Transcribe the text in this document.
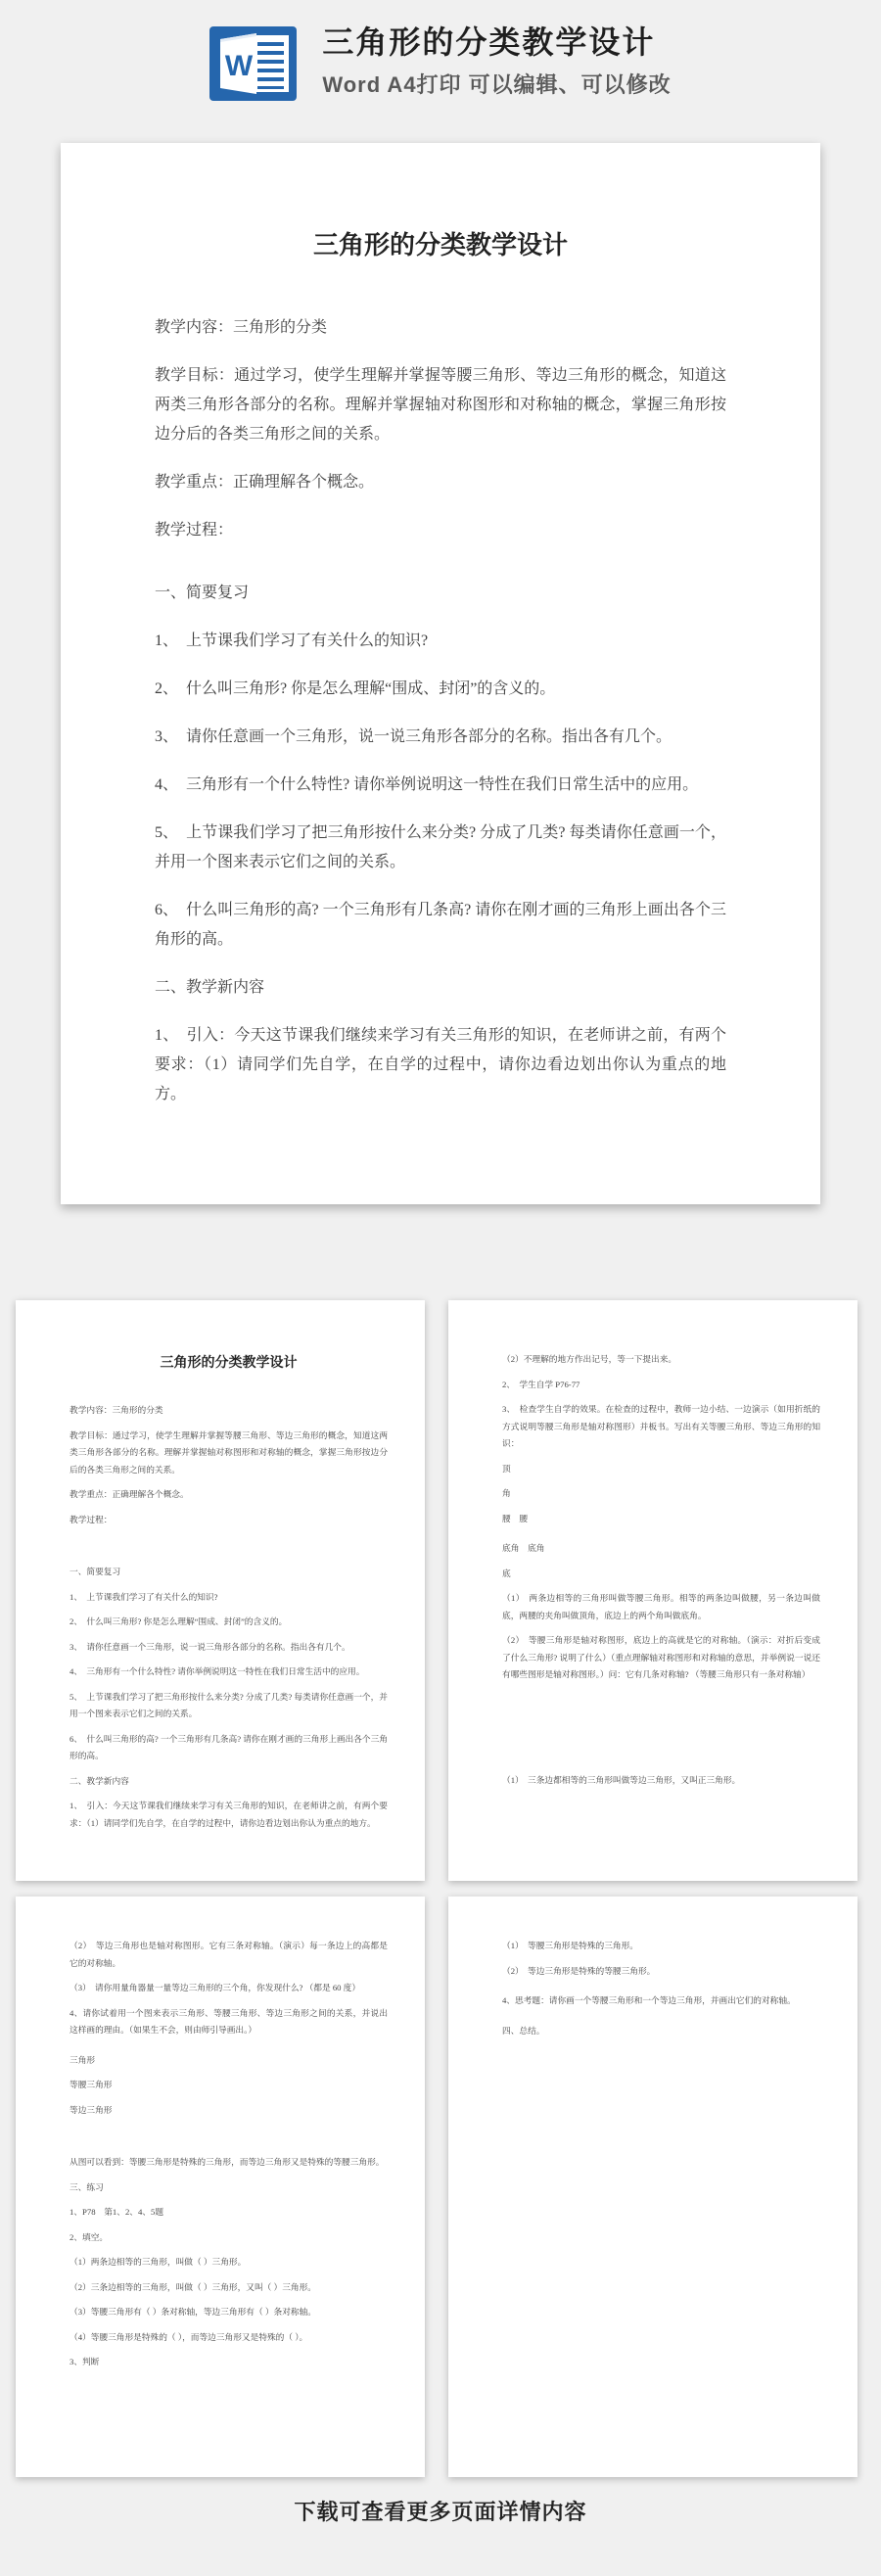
W
三角形的分类教学设计
Word A4打印 可以编辑、可以修改

三角形的分类教学设计

教学内容：三角形的分类

教学目标：通过学习，使学生理解并掌握等腰三角形、等边三角形的概念，知道这两类三角形各部分的名称。理解并掌握轴对称图形和对称轴的概念，掌握三角形按边分后的各类三角形之间的关系。

教学重点：正确理解各个概念。

教学过程：

一、简要复习

1、　上节课我们学习了有关什么的知识?

2、　什么叫三角形? 你是怎么理解“围成、封闭”的含义的。

3、　请你任意画一个三角形，说一说三角形各部分的名称。指出各有几个。

4、　三角形有一个什么特性? 请你举例说明这一特性在我们日常生活中的应用。

5、　上节课我们学习了把三角形按什么来分类? 分成了几类? 每类请你任意画一个，并用一个图来表示它们之间的关系。

6、　什么叫三角形的高? 一个三角形有几条高? 请你在刚才画的三角形上画出各个三角形的高。

二、教学新内容

1、　引入：今天这节课我们继续来学习有关三角形的知识，在老师讲之前，有两个要求：（1）请同学们先自学，在自学的过程中，请你边看边划出你认为重点的地方。

三角形的分类教学设计

教学内容：三角形的分类

教学目标：通过学习，使学生理解并掌握等腰三角形、等边三角形的概念，知道这两类三角形各部分的名称。理解并掌握轴对称图形和对称轴的概念，掌握三角形按边分后的各类三角形之间的关系。

教学重点：正确理解各个概念。

教学过程：

一、简要复习

1、　上节课我们学习了有关什么的知识?

2、　什么叫三角形? 你是怎么理解“围成、封闭”的含义的。

3、　请你任意画一个三角形，说一说三角形各部分的名称。指出各有几个。

4、　三角形有一个什么特性? 请你举例说明这一特性在我们日常生活中的应用。

5、　上节课我们学习了把三角形按什么来分类? 分成了几类? 每类请你任意画一个，并用一个图来表示它们之间的关系。

6、　什么叫三角形的高? 一个三角形有几条高? 请你在刚才画的三角形上画出各个三角形的高。

二、教学新内容

1、　引入：今天这节课我们继续来学习有关三角形的知识，在老师讲之前，有两个要求：（1）请同学们先自学，在自学的过程中，请你边看边划出你认为重点的地方。

（2）不理解的地方作出记号，等一下提出来。

2、　学生自学 P76-77

3、　检查学生自学的效果。在检查的过程中，教师一边小结、一边演示（如用折纸的方式说明等腰三角形是轴对称图形）并板书。写出有关等腰三角形、等边三角形的知识：

顶

角

腰　腰

底角　底角

底

（1）　两条边相等的三角形叫做等腰三角形。相等的两条边叫做腰，另一条边叫做底，两腰的夹角叫做顶角，底边上的两个角叫做底角。

（2）　等腰三角形是轴对称图形，底边上的高就是它的对称轴。（演示：对折后变成了什么三角形? 说明了什么）（重点理解轴对称图形和对称轴的意思，并举例说一说还有哪些图形是轴对称图形。）问：它有几条对称轴? （等腰三角形只有一条对称轴）

（1）　三条边都相等的三角形叫做等边三角形，又叫正三角形。

（2）　等边三角形也是轴对称图形。它有三条对称轴。（演示）每一条边上的高都是它的对称轴。

（3）　请你用量角器量一量等边三角形的三个角，你发现什么? （都是 60 度）

4、请你试着用一个图来表示三角形、等腰三角形、等边三角形之间的关系，并说出这样画的理由。（如果生不会，则由师引导画出。）

三角形

等腰三角形

等边三角形

从图可以看到：等腰三角形是特殊的三角形，而等边三角形又是特殊的等腰三角形。

三、练习

1、P78　第1、2、4、5题

2、填空。

（1）两条边相等的三角形，叫做（ ）三角形。

（2）三条边相等的三角形，叫做（ ）三角形，又叫（ ）三角形。

（3）等腰三角形有（ ）条对称轴，等边三角形有（ ）条对称轴。

（4）等腰三角形是特殊的（ ），而等边三角形又是特殊的（ ）。

3、判断

（1）　等腰三角形是特殊的三角形。

（2）　等边三角形是特殊的等腰三角形。

4、思考题：请你画一个等腰三角形和一个等边三角形，并画出它们的对称轴。

四、总结。

下载可查看更多页面详情内容
